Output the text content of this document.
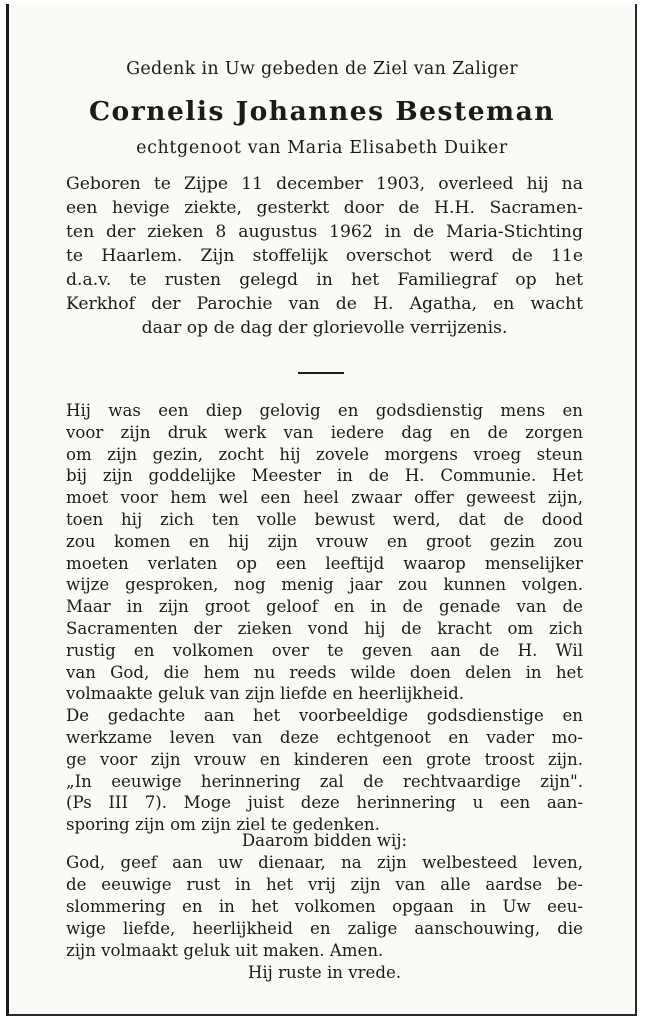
Gedenk in Uw gebeden de Ziel van Zaliger
Cornelis Johannes Besteman
echtgenoot van Maria Elisabeth Duiker
Geboren te Zijpe 11 december 1903, overleed hij na
een hevige ziekte, gesterkt door de H.H. Sacramen-
ten der zieken 8 augustus 1962 in de Maria-Stichting
te Haarlem. Zijn stoffelijk overschot werd de 11e
d.a.v. te rusten gelegd in het Familiegraf op het
Kerkhof der Parochie van de H. Agatha, en wacht
daar op de dag der glorievolle verrijzenis.
Hij was een diep gelovig en godsdienstig mens en
voor zijn druk werk van iedere dag en de zorgen
om zijn gezin, zocht hij zovele morgens vroeg steun
bij zijn goddelijke Meester in de H. Communie. Het
moet voor hem wel een heel zwaar offer geweest zijn,
toen hij zich ten volle bewust werd, dat de dood
zou komen en hij zijn vrouw en groot gezin zou
moeten verlaten op een leeftijd waarop menselijker
wijze gesproken, nog menig jaar zou kunnen volgen.
Maar in zijn groot geloof en in de genade van de
Sacramenten der zieken vond hij de kracht om zich
rustig en volkomen over te geven aan de H. Wil
van God, die hem nu reeds wilde doen delen in het
volmaakte geluk van zijn liefde en heerlijkheid.
De gedachte aan het voorbeeldige godsdienstige en
werkzame leven van deze echtgenoot en vader mo-
ge voor zijn vrouw en kinderen een grote troost zijn.
„In eeuwige herinnering zal de rechtvaardige zijn".
(Ps III 7). Moge juist deze herinnering u een aan-
sporing zijn om zijn ziel te gedenken.
Daarom bidden wij:
God, geef aan uw dienaar, na zijn welbesteed leven,
de eeuwige rust in het vrij zijn van alle aardse be-
slommering en in het volkomen opgaan in Uw eeu-
wige liefde, heerlijkheid en zalige aanschouwing, die
zijn volmaakt geluk uit maken. Amen.
Hij ruste in vrede.
